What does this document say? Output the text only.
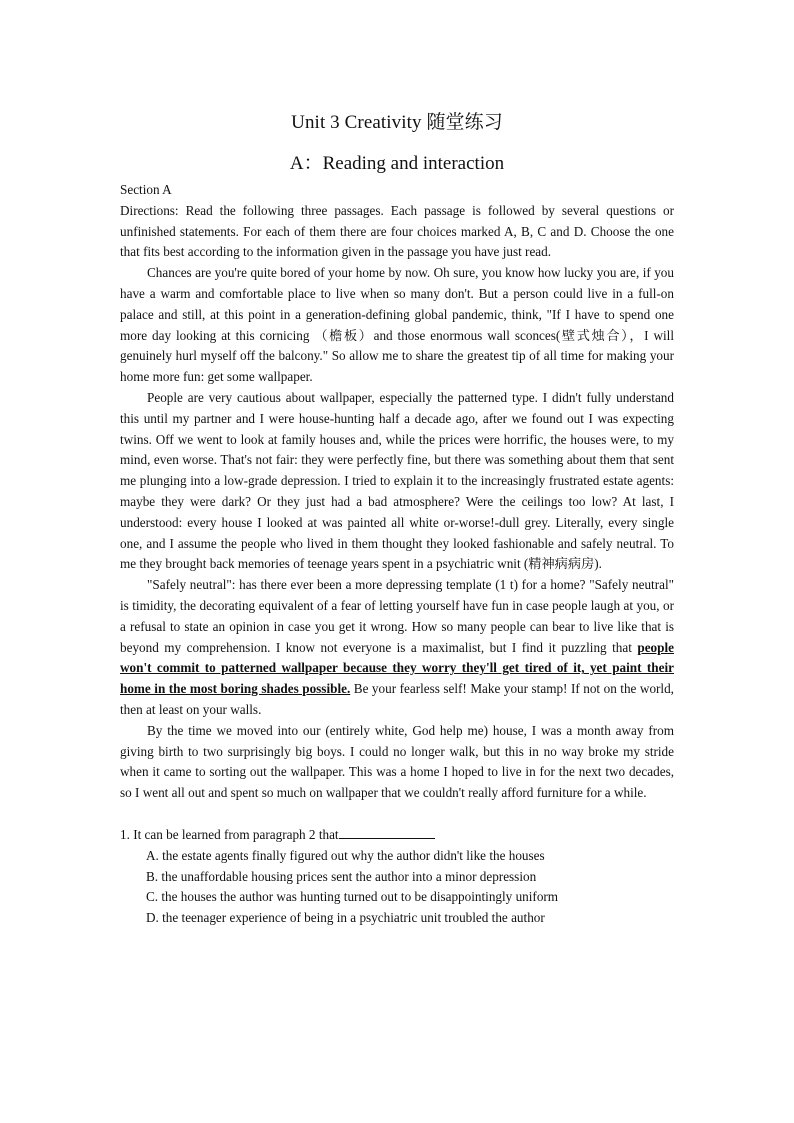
Unit 3 Creativity 随堂练习
A：Reading and interaction

Section A

Directions: Read the following three passages. Each passage is followed by several questions or unfinished statements. For each of them there are four choices marked A, B, C and D. Choose the one that fits best according to the information given in the passage you have just read.

Chances are you're quite bored of your home by now. Oh sure, you know how lucky you are, if you have a warm and comfortable place to live when so many don't. But a person could live in a full-on palace and still, at this point in a generation-defining global pandemic, think, "If I have to spend one more day looking at this cornicing （檐板）and those enormous wall sconces(壁式烛合），I will genuinely hurl myself off the balcony." So allow me to share the greatest tip of all time for making your home more fun: get some wallpaper.

People are very cautious about wallpaper, especially the patterned type. I didn't fully understand this until my partner and I were house-hunting half a decade ago, after we found out I was expecting twins. Off we went to look at family houses and, while the prices were horrific, the houses were, to my mind, even worse. That's not fair: they were perfectly fine, but there was something about them that sent me plunging into a low-grade depression. I tried to explain it to the increasingly frustrated estate agents: maybe they were dark? Or they just had a bad atmosphere? Were the ceilings too low? At last, I understood: every house I looked at was painted all white or-worse!-dull grey. Literally, every single one, and I assume the people who lived in them thought they looked fashionable and safely neutral. To me they brought back memories of teenage years spent in a psychiatric wnit (精神病病房).

"Safely neutral": has there ever been a more depressing template (1 t) for a home? "Safely neutral" is timidity, the decorating equivalent of a fear of letting yourself have fun in case people laugh at you, or a refusal to state an opinion in case you get it wrong. How so many people can bear to live like that is beyond my comprehension. I know not everyone is a maximalist, but I find it puzzling that people won't commit to patterned wallpaper because they worry they'll get tired of it, yet paint their home in the most boring shades possible. Be your fearless self! Make your stamp! If not on the world, then at least on your walls.

By the time we moved into our (entirely white, God help me) house, I was a month away from giving birth to two surprisingly big boys. I could no longer walk, but this in no way broke my stride when it came to sorting out the wallpaper. This was a home I hoped to live in for the next two decades, so I went all out and spent so much on wallpaper that we couldn't really afford furniture for a while.

1. It can be learned from paragraph 2 that

A. the estate agents finally figured out why the author didn't like the houses
B. the unaffordable housing prices sent the author into a minor depression
C. the houses the author was hunting turned out to be disappointingly uniform
D. the teenager experience of being in a psychiatric unit troubled the author
